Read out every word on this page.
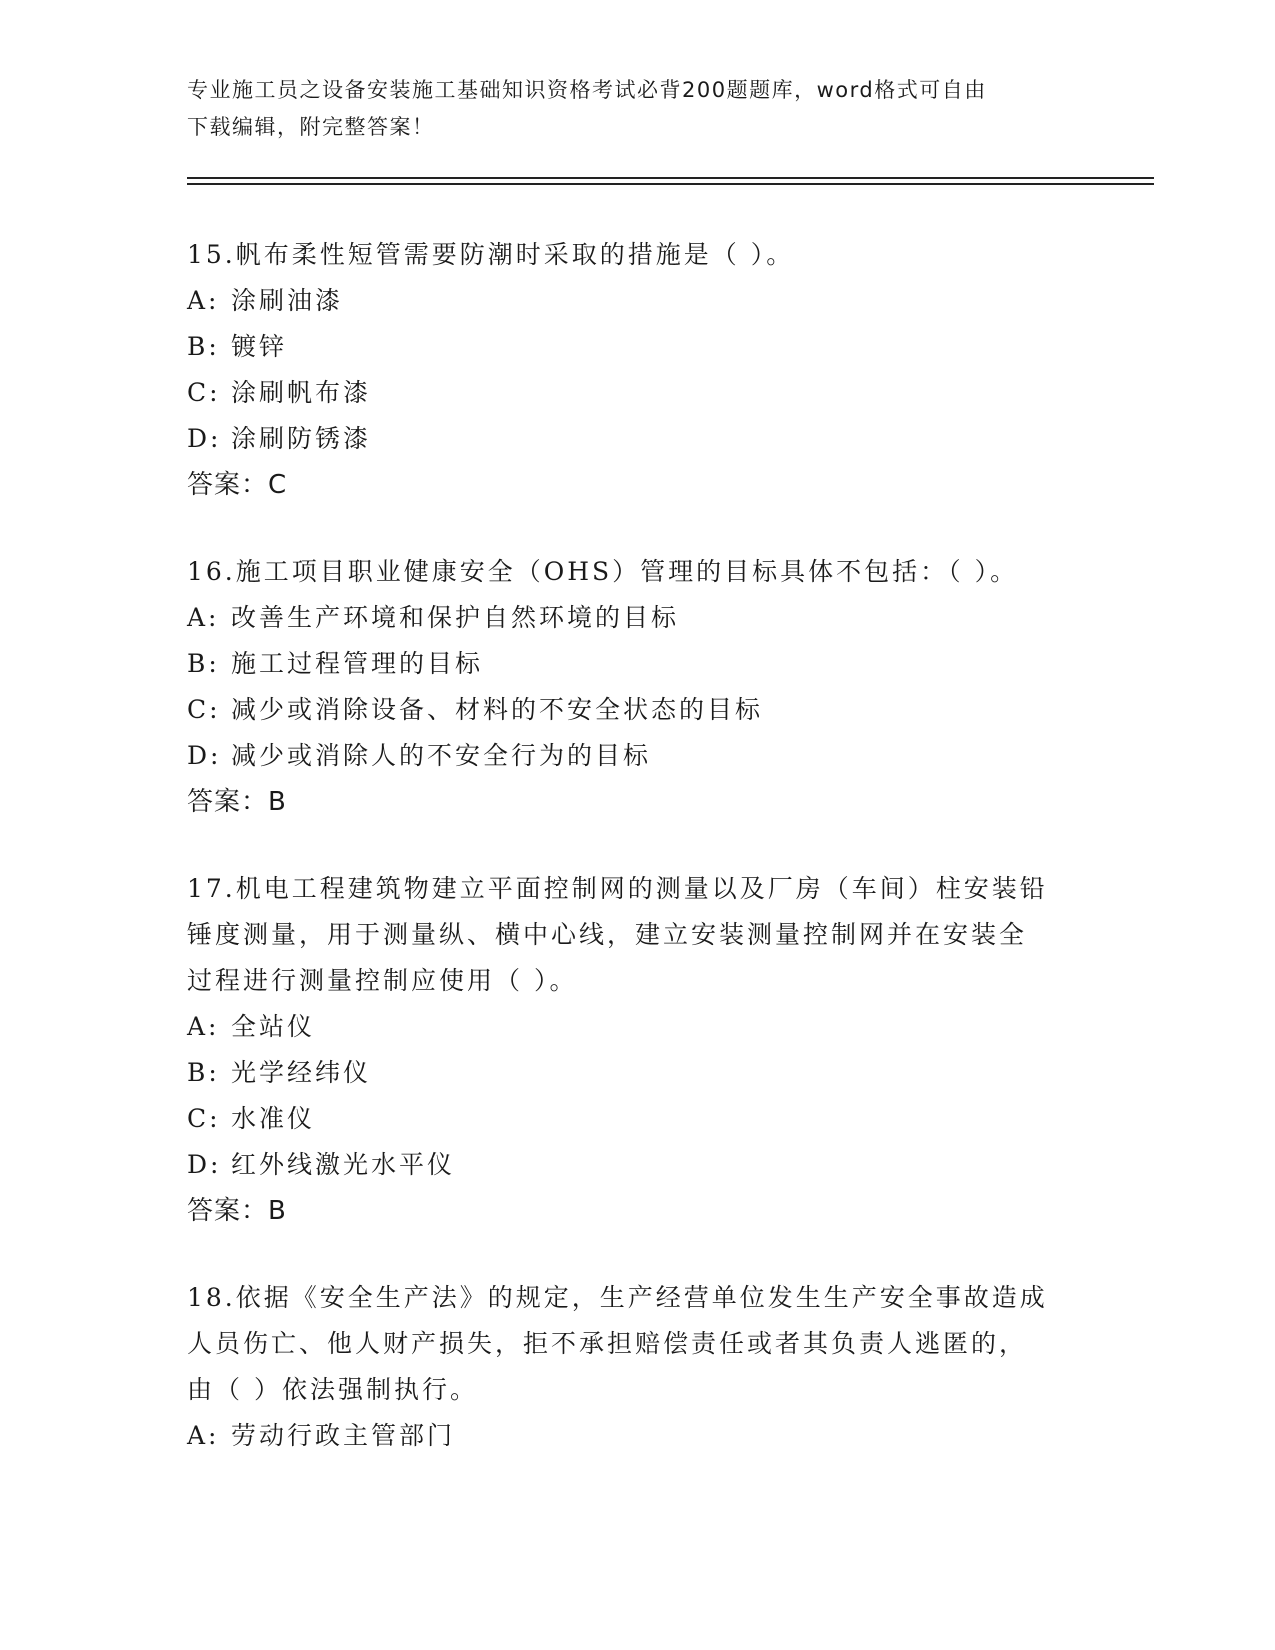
专业施工员之设备安装施工基础知识资格考试必背200题题库，word格式可自由
下载编辑，附完整答案！
15.帆布柔性短管需要防潮时采取的措施是（ ）。
A: 涂刷油漆
B: 镀锌
C: 涂刷帆布漆
D: 涂刷防锈漆
答案：C
16.施工项目职业健康安全（OHS）管理的目标具体不包括：（ ）。
A: 改善生产环境和保护自然环境的目标
B: 施工过程管理的目标
C: 减少或消除设备、材料的不安全状态的目标
D: 减少或消除人的不安全行为的目标
答案：B
17.机电工程建筑物建立平面控制网的测量以及厂房（车间）柱安装铅
锤度测量，用于测量纵、横中心线，建立安装测量控制网并在安装全
过程进行测量控制应使用（ ）。
A: 全站仪
B: 光学经纬仪
C: 水准仪
D: 红外线激光水平仪
答案：B
18.依据《安全生产法》的规定，生产经营单位发生生产安全事故造成
人员伤亡、他人财产损失，拒不承担赔偿责任或者其负责人逃匿的，
由（ ）依法强制执行。
A: 劳动行政主管部门
